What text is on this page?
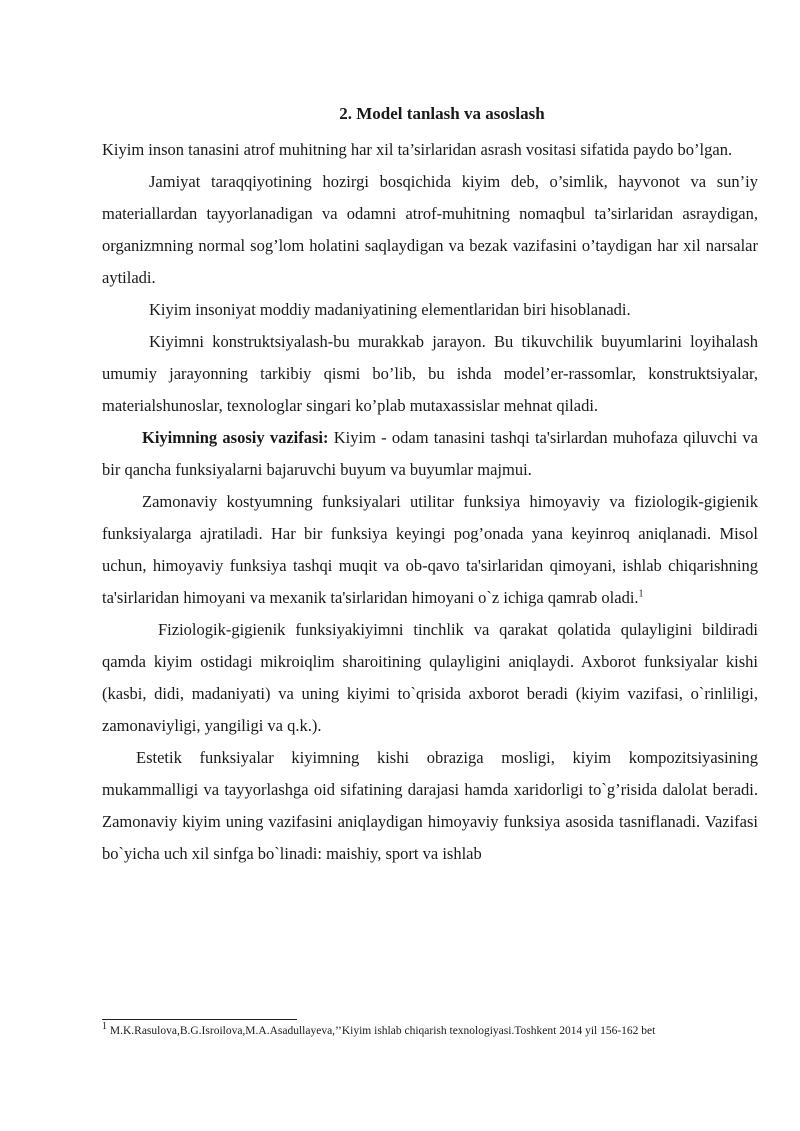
2. Model tanlash va asoslash

Kiyim inson tanasini atrof muhitning har xil ta’sirlaridan asrash vositasi sifatida paydo bo’lgan.

Jamiyat taraqqiyotining hozirgi bosqichida kiyim deb, o’simlik, hayvonot va sun’iy materiallardan tayyorlanadigan va odamni atrof-muhitning nomaqbul ta’sirlaridan asraydigan, organizmning normal sog’lom holatini saqlaydigan va bezak vazifasini o’taydigan har xil narsalar aytiladi.

Kiyim insoniyat moddiy madaniyatining elementlaridan biri hisoblanadi.

Kiyimni konstruktsiyalash-bu murakkab jarayon. Bu tikuvchilik buyumlarini loyihalash umumiy jarayonning tarkibiy qismi bo’lib, bu ishda model’er-rassomlar, konstruktsiyalar, materialshunoslar, texnologlar singari ko’plab mutaxassislar mehnat qiladi.

Kiyimning asosiy vazifasi: Kiyim - odam tanasini tashqi ta'sirlardan muhofaza qiluvchi va bir qancha funksiyalarni bajaruvchi buyum va buyumlar majmui.

Zamonaviy kostyumning funksiyalari utilitar funksiya himoyaviy va fiziologik-gigienik funksiyalarga ajratiladi. Har bir funksiya keyingi pog’onada yana keyinroq aniqlanadi. Misol uchun, himoyaviy funksiya tashqi muqit va ob-qavo ta'sirlaridan qimoyani, ishlab chiqarishning ta'sirlaridan himoyani va mexanik ta'sirlaridan himoyani o`z ichiga qamrab oladi.$^1$

Fiziologik-gigienik funksiyakiyimni tinchlik va qarakat qolatida qulayligini bildiradi qamda kiyim ostidagi mikroiqlim sharoitining qulayligini aniqlaydi. Axborot funksiyalar kishi (kasbi, didi, madaniyati) va uning kiyimi to`qrisida axborot beradi (kiyim vazifasi, o`rinliligi, zamonaviyligi, yangiligi va q.k.).

Estetik funksiyalar kiyimning kishi obraziga mosligi, kiyim kompozitsiyasining mukammalligi va tayyorlashga oid sifatining darajasi hamda xaridorligi to`g’risida dalolat beradi. Zamonaviy kiyim uning vazifasini aniqlaydigan himoyaviy funksiya asosida tasniflanadi. Vazifasi bo`yicha uch xil sinfga bo`linadi: maishiy, sport va ishlab

$^1$ M.K.Rasulova,B.G.Isroilova,M.A.Asadullayeva,’’Kiyim ishlab chiqarish texnologiyasi.Toshkent 2014 yil 156-162 bet
